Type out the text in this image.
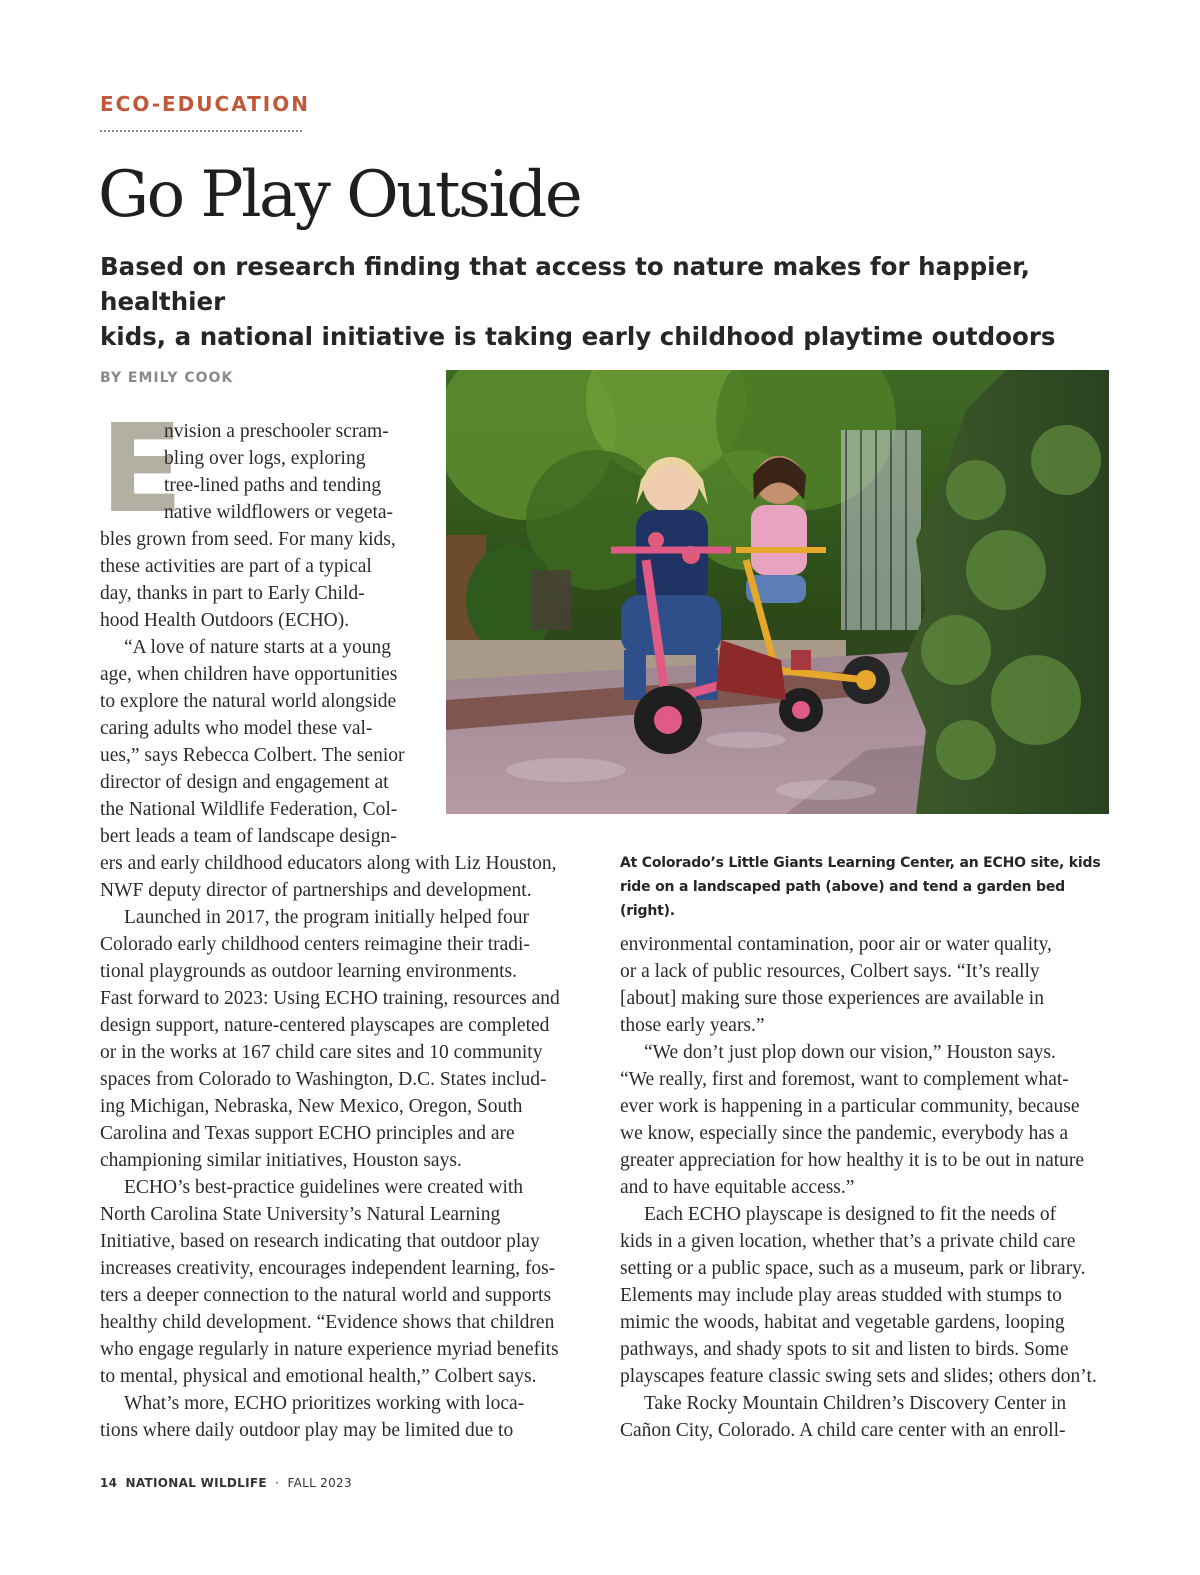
ECO-EDUCATION
Go Play Outside
Based on research finding that access to nature makes for happier, healthier
kids, a national initiative is taking early childhood playtime outdoors
BY EMILY COOK
At Colorado’s Little Giants Learning Center, an ECHO site, kids
ride on a landscaped path (above) and tend a garden bed (right).
E
nvision a preschooler scram-
bling over logs, exploring
tree-lined paths and tending
native wildflowers or vegeta-
bles grown from seed. For many kids,
these activities are part of a typical
day, thanks in part to Early Child-
hood Health Outdoors (ECHO).
“A love of nature starts at a young
age, when children have opportunities
to explore the natural world alongside
caring adults who model these val-
ues,” says Rebecca Colbert. The senior
director of design and engagement at
the National Wildlife Federation, Col-
bert leads a team of landscape design-
ers and early childhood educators along with Liz Houston,
NWF deputy director of partnerships and development.
Launched in 2017, the program initially helped four
Colorado early childhood centers reimagine their tradi-
tional playgrounds as outdoor learning environments.
Fast forward to 2023: Using ECHO training, resources and
design support, nature-centered playscapes are completed
or in the works at 167 child care sites and 10 community
spaces from Colorado to Washington, D.C. States includ-
ing Michigan, Nebraska, New Mexico, Oregon, South
Carolina and Texas support ECHO principles and are
championing similar initiatives, Houston says.
ECHO’s best-practice guidelines were created with
North Carolina State University’s Natural Learning
Initiative, based on research indicating that outdoor play
increases creativity, encourages independent learning, fos-
ters a deeper connection to the natural world and supports
healthy child development. “Evidence shows that children
who engage regularly in nature experience myriad benefits
to mental, physical and emotional health,” Colbert says.
What’s more, ECHO prioritizes working with loca-
tions where daily outdoor play may be limited due to
environmental contamination, poor air or water quality,
or a lack of public resources, Colbert says. “It’s really
[about] making sure those experiences are available in
those early years.”
“We don’t just plop down our vision,” Houston says.
“We really, first and foremost, want to complement what-
ever work is happening in a particular community, because
we know, especially since the pandemic, everybody has a
greater appreciation for how healthy it is to be out in nature
and to have equitable access.”
Each ECHO playscape is designed to fit the needs of
kids in a given location, whether that’s a private child care
setting or a public space, such as a museum, park or library.
Elements may include play areas studded with stumps to
mimic the woods, habitat and vegetable gardens, looping
pathways, and shady spots to sit and listen to birds. Some
playscapes feature classic swing sets and slides; others don’t.
Take Rocky Mountain Children’s Discovery Center in
Cañon City, Colorado. A child care center with an enroll-
14 NATIONAL WILDLIFE · FALL 2023
